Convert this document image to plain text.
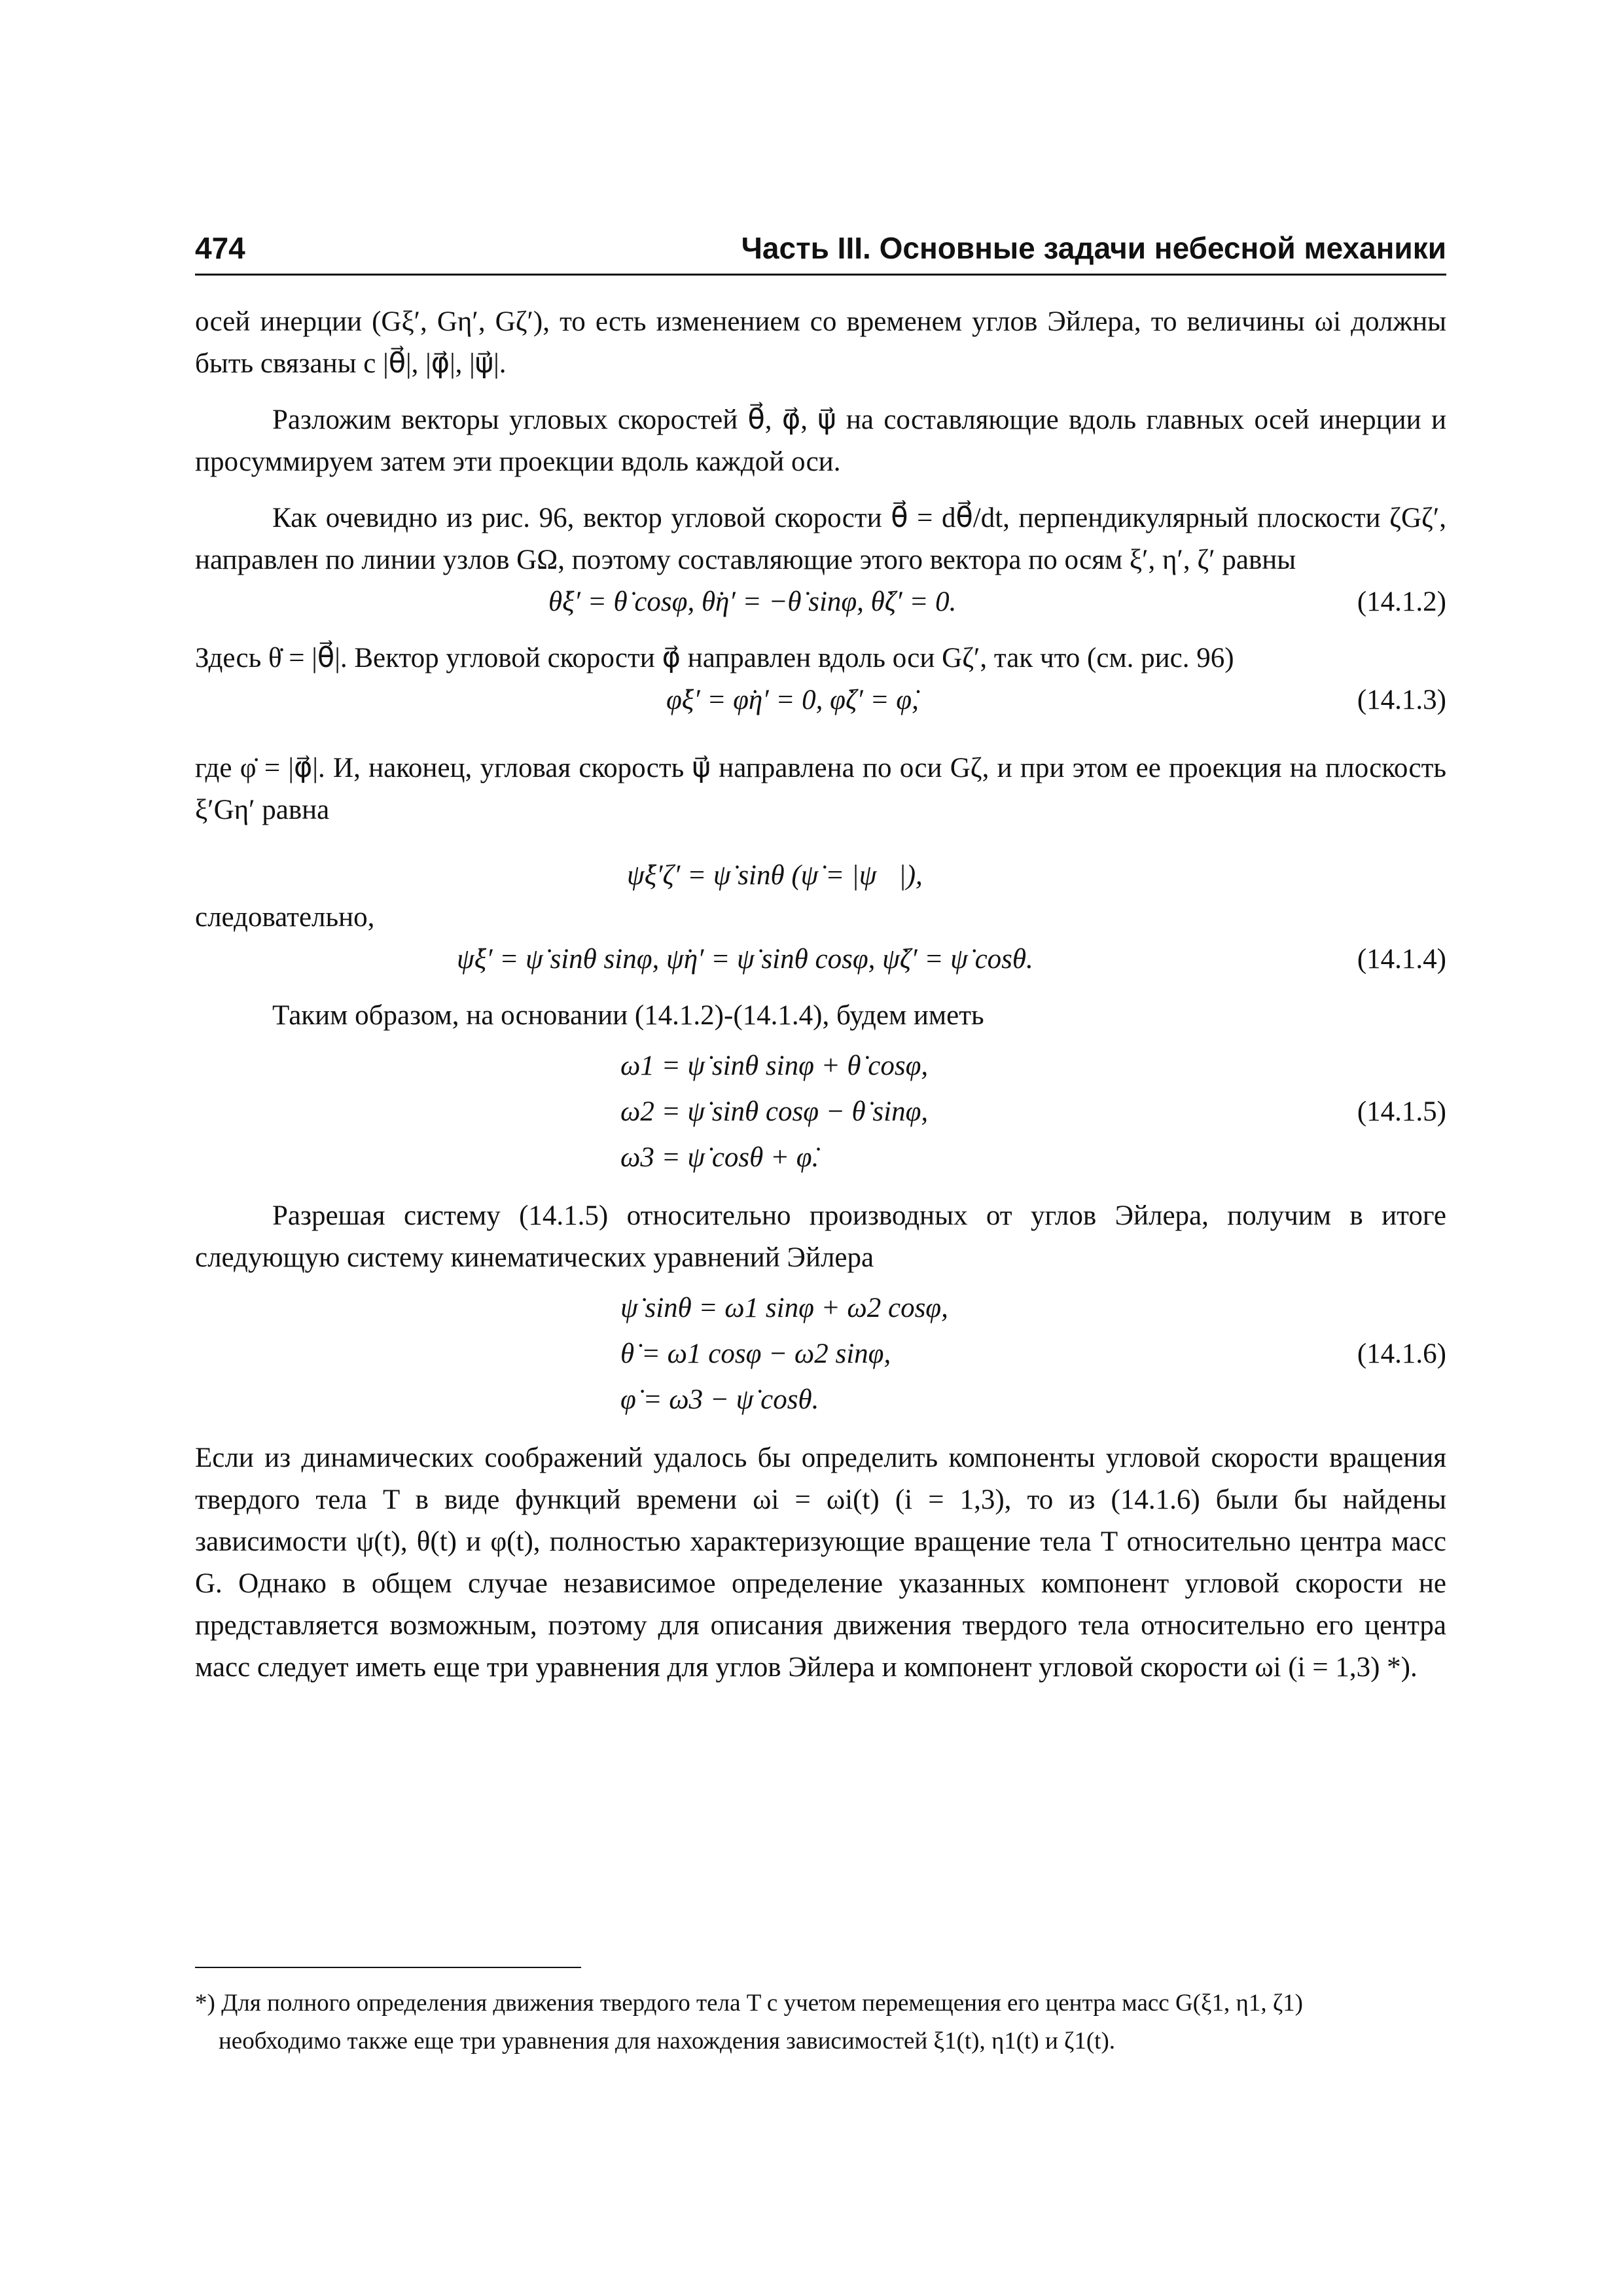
474	Часть III. Основные задачи небесной механики

осей инерции (Gξ′, Gη′, Gζ′), то есть изменением со временем углов Эйлера, то величины ωi должны быть связаны с |θ⃗|, |φ⃗|, |ψ⃗|.

Разложим векторы угловых скоростей θ⃗, φ⃗, ψ⃗ на составляющие вдоль главных осей инерции и просуммируем затем эти проекции вдоль каждой оси.

Как очевидно из рис. 96, вектор угловой скорости θ⃗ = dθ⃗/dt, перпендикулярный плоскости ζGζ′, направлен по линии узлов GΩ, поэтому составляющие этого вектора по осям ξ′, η′, ζ′ равны

θ̇ξ′ = θ̇ cosφ, θ̇η′ = −θ̇ sinφ, θ̇ζ′ = 0.	(14.1.2)

Здесь θ̇ = |θ⃗|. Вектор угловой скорости φ⃗ направлен вдоль оси Gζ′, так что (см. рис. 96)

φ̇ξ′ = φ̇η′ = 0, φ̇ζ′ = φ̇,	(14.1.3)

где φ̇ = |φ⃗|. И, наконец, угловая скорость ψ⃗ направлена по оси Gζ, и при этом ее проекция на плоскость ξ′Gη′ равна

ψ̇ξ′ζ′ = ψ̇ sinθ (ψ̇ = |ψ⃗|),

следовательно,

ψ̇ξ′ = ψ̇ sinθ sinφ, ψ̇η′ = ψ̇ sinθ cosφ, ψ̇ζ′ = ψ̇ cosθ.	(14.1.4)

Таким образом, на основании (14.1.2)-(14.1.4), будем иметь

ω1 = ψ̇ sinθ sinφ + θ̇ cosφ,
ω2 = ψ̇ sinθ cosφ − θ̇ sinφ,
ω3 = ψ̇ cosθ + φ̇.
(14.1.5)

Разрешая систему (14.1.5) относительно производных от углов Эйлера, получим в итоге следующую систему кинематических уравнений Эйлера

ψ̇ sinθ = ω1 sinφ + ω2 cosφ,
θ̇ = ω1 cosφ − ω2 sinφ,
φ̇ = ω3 − ψ̇ cosθ.
(14.1.6)

Если из динамических соображений удалось бы определить компоненты угловой скорости вращения твердого тела T в виде функций времени ωi = ωi(t) (i = 1,3), то из (14.1.6) были бы найдены зависимости ψ(t), θ(t) и φ(t), полностью характеризующие вращение тела T относительно центра масс G. Однако в общем случае независимое определение указанных компонент угловой скорости не представляется возможным, поэтому для описания движения твердого тела относительно его центра масс следует иметь еще три уравнения для углов Эйлера и компонент угловой скорости ωi (i = 1,3) *).

*) Для полного определения движения твердого тела T с учетом перемещения его центра масс G(ξ1, η1, ζ1)

необходимо также еще три уравнения для нахождения зависимостей ξ1(t), η1(t) и ζ1(t).
